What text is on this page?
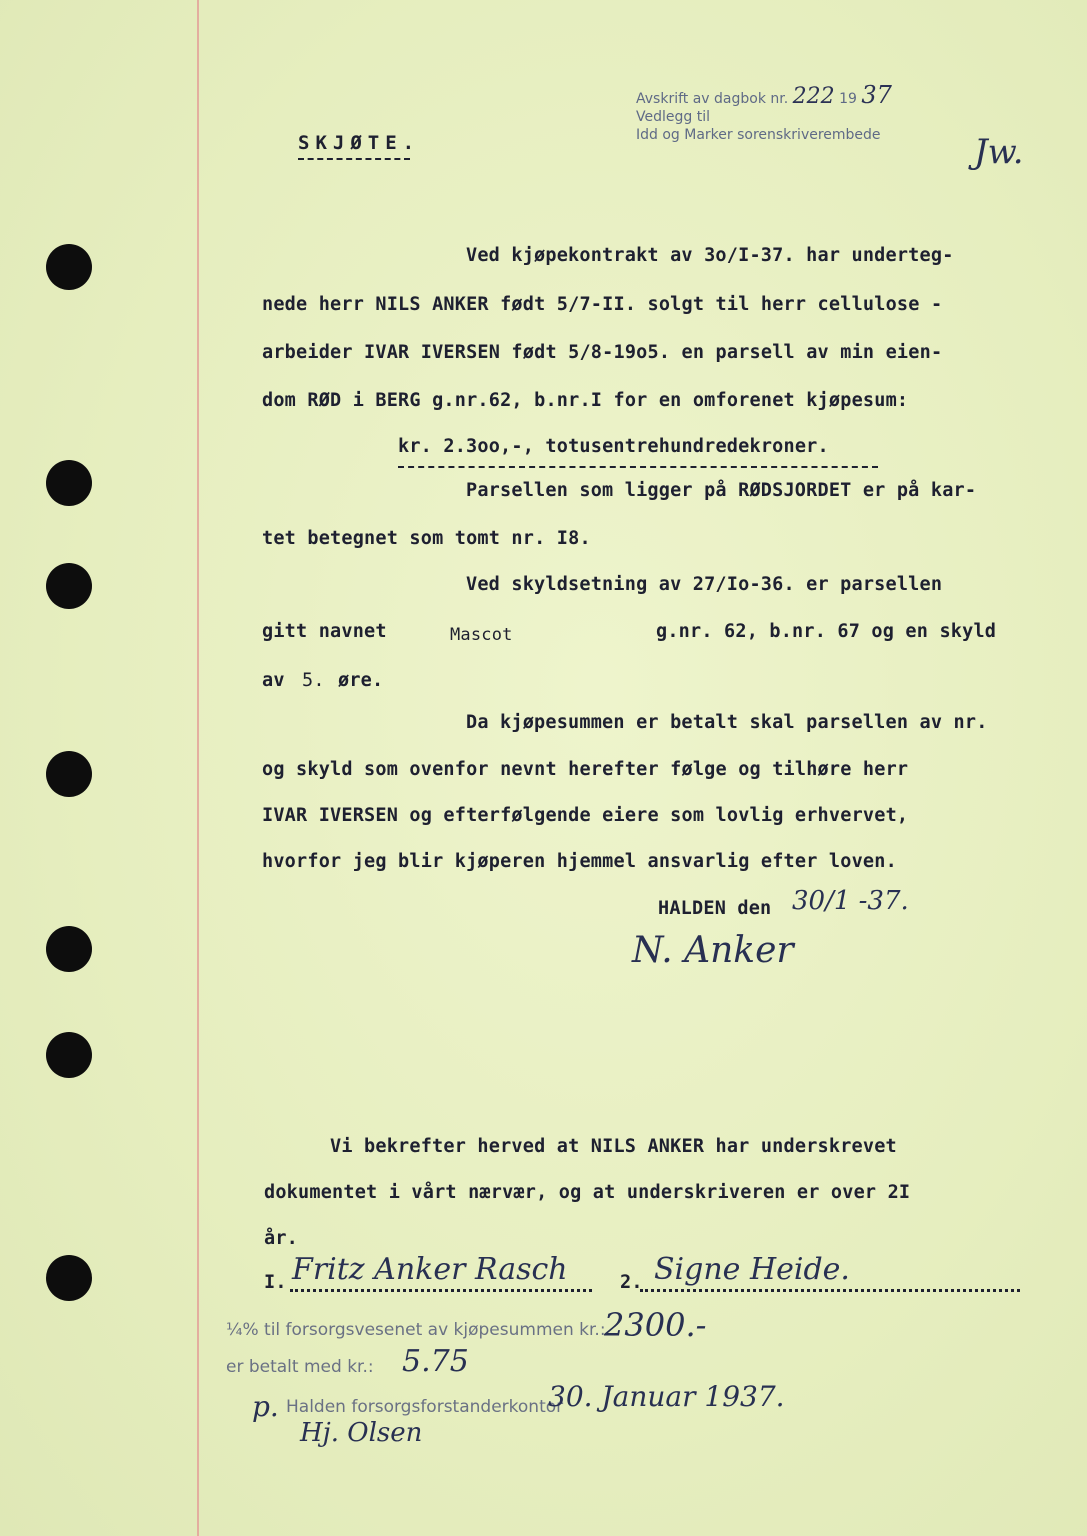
Avskrift av dagbok nr. 222 19 37
Vedlegg til
Idd og Marker sorenskriverembede	Jw.
SKJØTE.
Ved kjøpekontrakt av 3o/I-37. har underteg-
nede herr NILS ANKER født 5/7-II. solgt til herr cellulose -
arbeider IVAR IVERSEN født 5/8-19o5. en parsell av min eien-
dom RØD i BERG g.nr.62, b.nr.I for en omforenet kjøpesum:
kr. 2.3oo,-, totusentrehundredekroner.
Parsellen som ligger på RØDSJORDET er på kar-
tet betegnet som tomt nr. I8.
Ved skyldsetning av 27/Io-36. er parsellen
gitt navnet	Mascot	g.nr. 62, b.nr. 67 og en skyld
av 5. øre.
Da kjøpesummen er betalt skal parsellen av nr.
og skyld som ovenfor nevnt herefter følge og tilhøre herr
IVAR IVERSEN og efterfølgende eiere som lovlig erhvervet,
hvorfor jeg blir kjøperen hjemmel ansvarlig efter loven.
HALDEN den 30/1 -37.
N. Anker
Vi bekrefter herved at NILS ANKER har underskrevet
dokumentet i vårt nærvær, og at underskriveren er over 2I
år.
I. Fritz Anker Rasch	2. Signe Heide.
¼% til forsorgsvesenet av kjøpesummen kr.:
2300.-
er betalt med kr.: 5.75
p. Halden forsorgsforstanderkontor
30. Januar 1937.
Hj. Olsen
